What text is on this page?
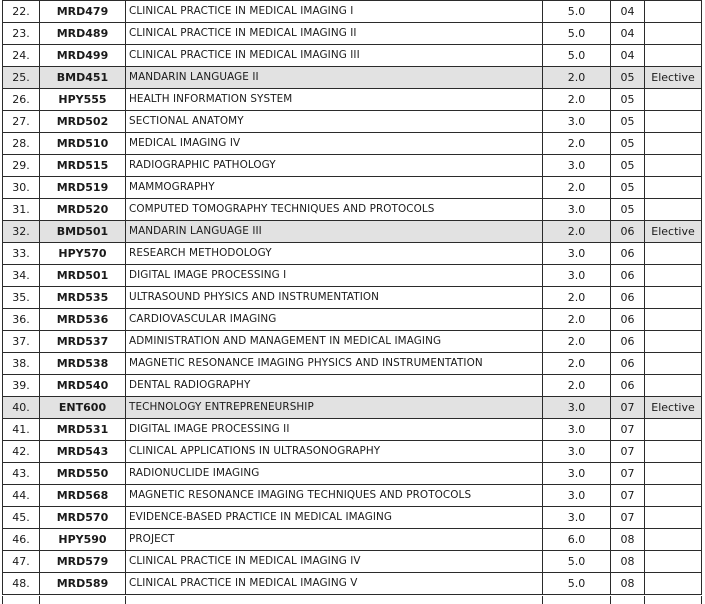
22.	MRD479	CLINICAL PRACTICE IN MEDICAL IMAGING I	5.0	04	
23.	MRD489	CLINICAL PRACTICE IN MEDICAL IMAGING II	5.0	04	
24.	MRD499	CLINICAL PRACTICE IN MEDICAL IMAGING III	5.0	04	
25.	BMD451	MANDARIN LANGUAGE II	2.0	05	Elective
26.	HPY555	HEALTH INFORMATION SYSTEM	2.0	05	
27.	MRD502	SECTIONAL ANATOMY	3.0	05	
28.	MRD510	MEDICAL IMAGING IV	2.0	05	
29.	MRD515	RADIOGRAPHIC PATHOLOGY	3.0	05	
30.	MRD519	MAMMOGRAPHY	2.0	05	
31.	MRD520	COMPUTED TOMOGRAPHY TECHNIQUES AND PROTOCOLS	3.0	05	
32.	BMD501	MANDARIN LANGUAGE III	2.0	06	Elective
33.	HPY570	RESEARCH METHODOLOGY	3.0	06	
34.	MRD501	DIGITAL IMAGE PROCESSING I	3.0	06	
35.	MRD535	ULTRASOUND PHYSICS AND INSTRUMENTATION	2.0	06	
36.	MRD536	CARDIOVASCULAR IMAGING	2.0	06	
37.	MRD537	ADMINISTRATION AND MANAGEMENT IN MEDICAL IMAGING	2.0	06	
38.	MRD538	MAGNETIC RESONANCE IMAGING PHYSICS AND INSTRUMENTATION	2.0	06	
39.	MRD540	DENTAL RADIOGRAPHY	2.0	06	
40.	ENT600	TECHNOLOGY ENTREPRENEURSHIP	3.0	07	Elective
41.	MRD531	DIGITAL IMAGE PROCESSING II	3.0	07	
42.	MRD543	CLINICAL APPLICATIONS IN ULTRASONOGRAPHY	3.0	07	
43.	MRD550	RADIONUCLIDE IMAGING	3.0	07	
44.	MRD568	MAGNETIC RESONANCE IMAGING TECHNIQUES AND PROTOCOLS	3.0	07	
45.	MRD570	EVIDENCE-BASED PRACTICE IN MEDICAL IMAGING	3.0	07	
46.	HPY590	PROJECT	6.0	08	
47.	MRD579	CLINICAL PRACTICE IN MEDICAL IMAGING IV	5.0	08	
48.	MRD589	CLINICAL PRACTICE IN MEDICAL IMAGING V	5.0	08	
